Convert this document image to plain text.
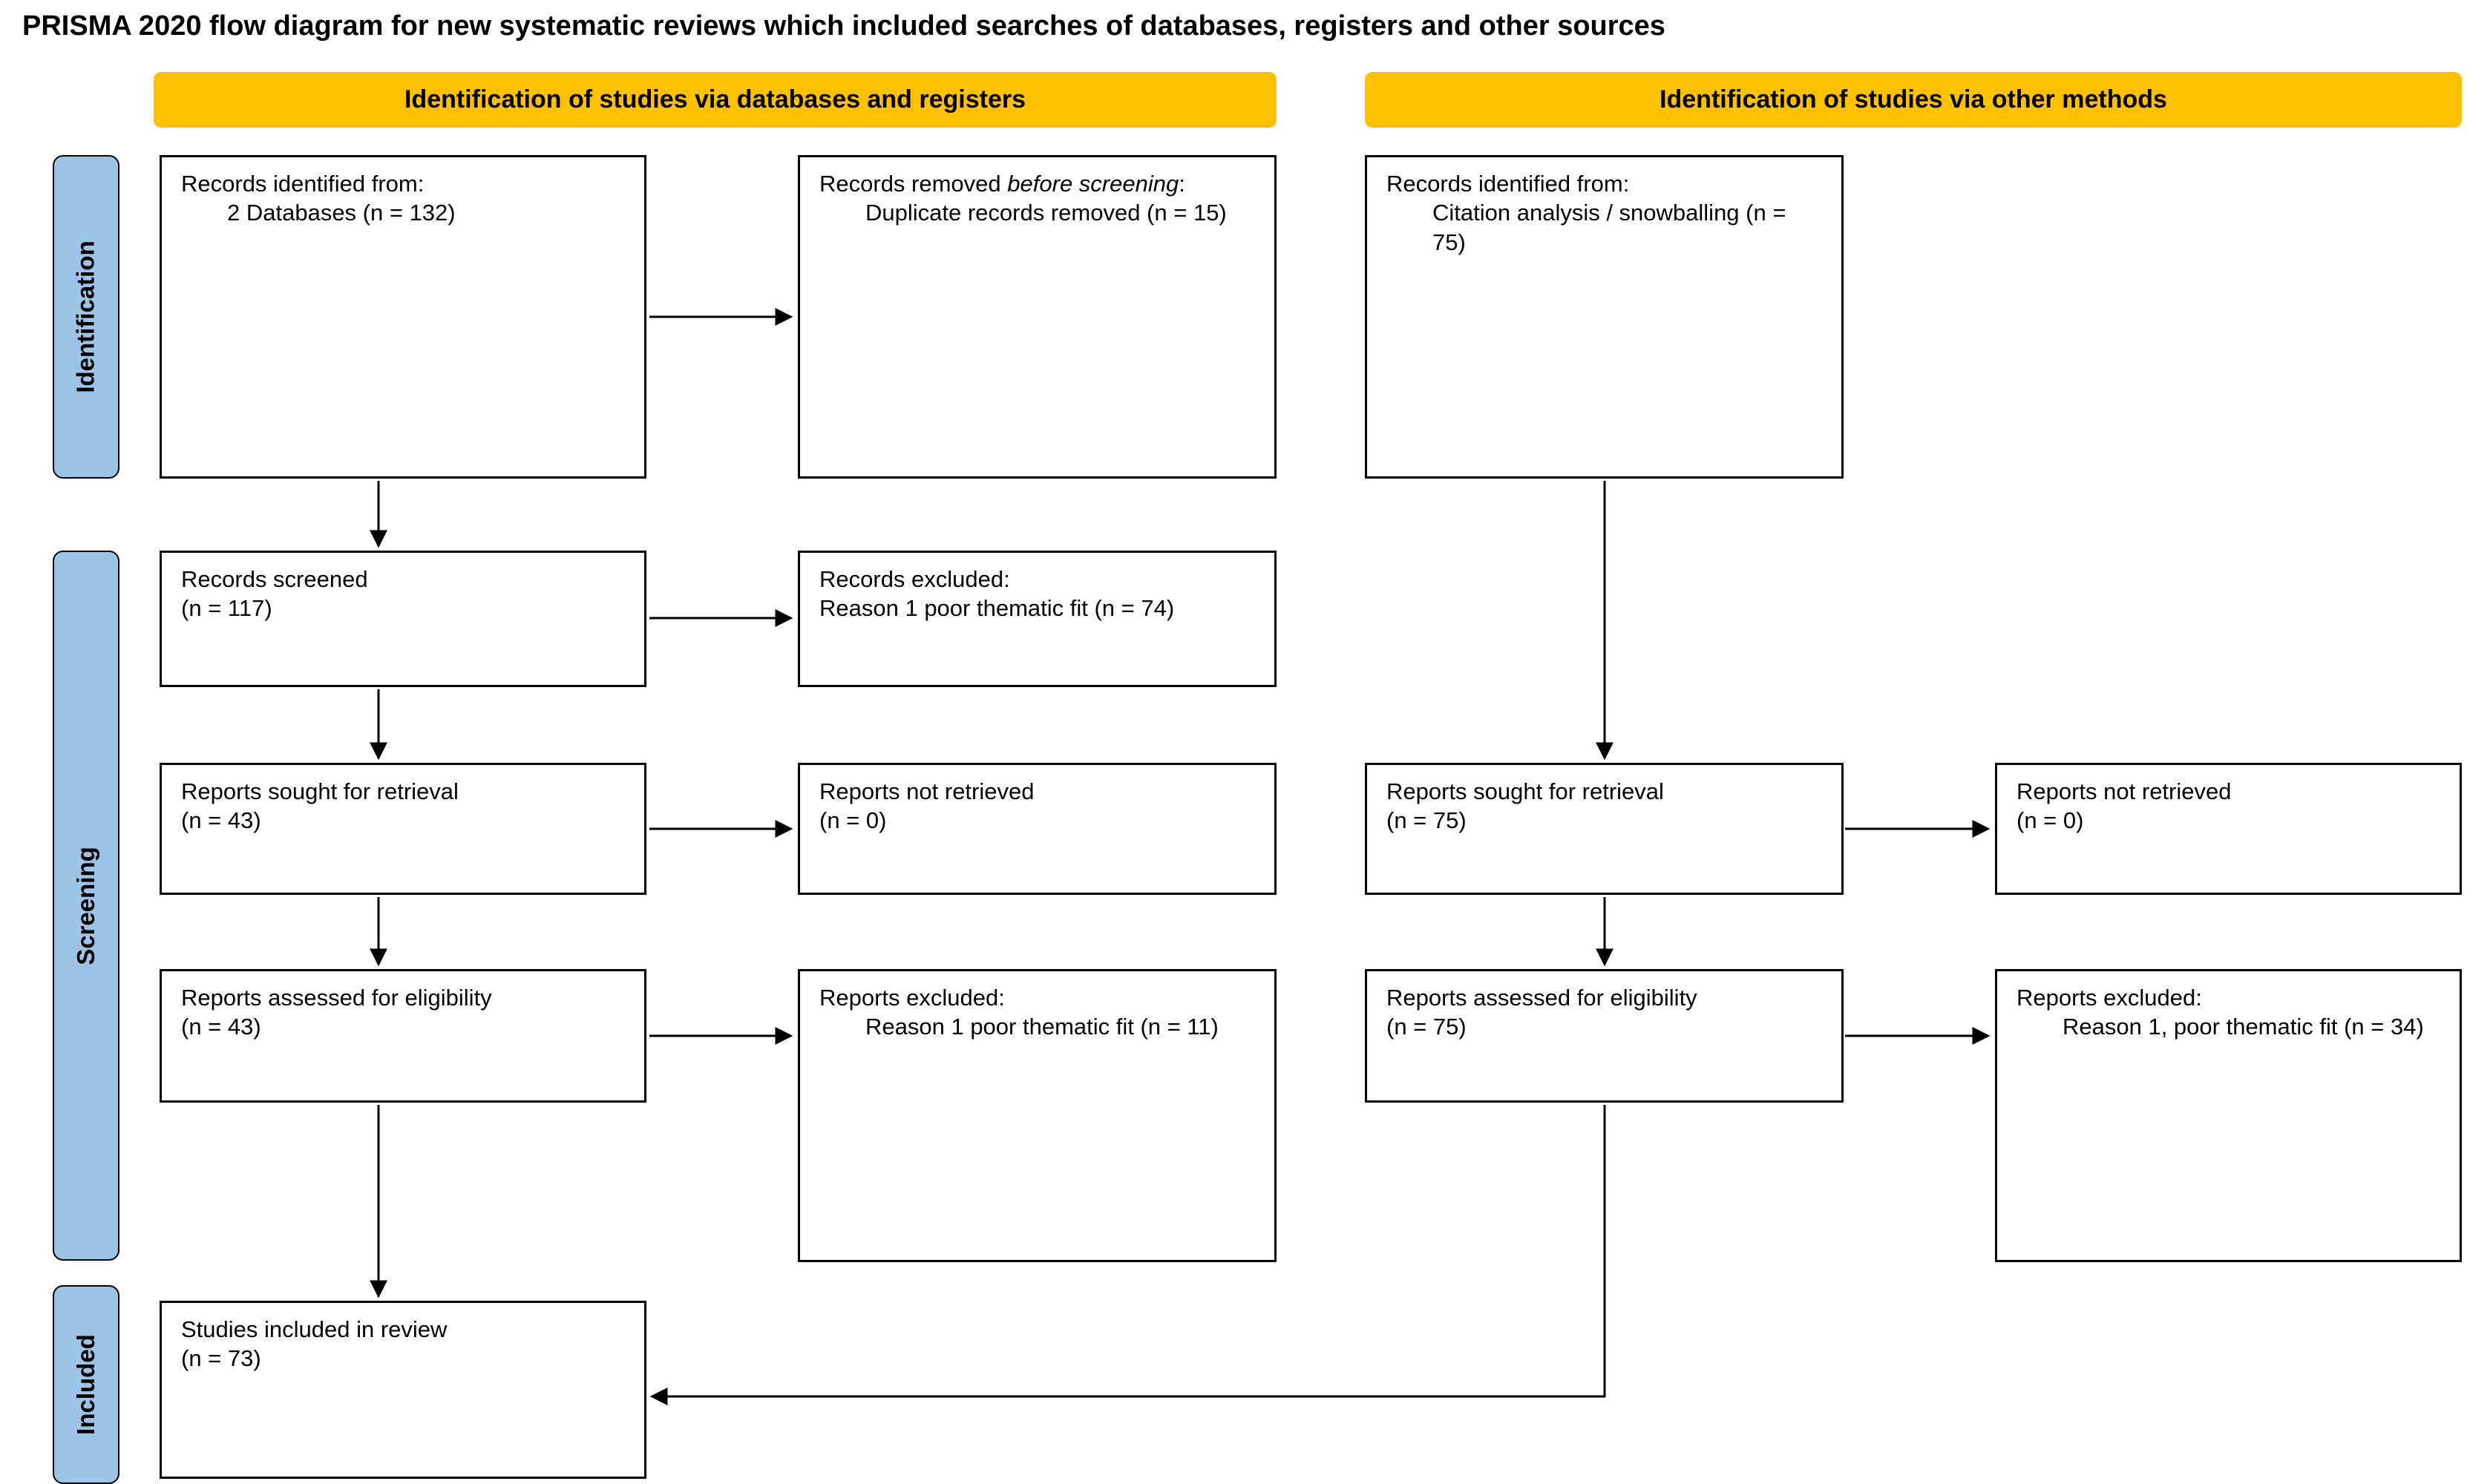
PRISMA 2020 flow diagram for new systematic reviews which included searches of databases, registers and other sources
Identification of studies via databases and registers	Identification of studies via other methods
Identification
Screening
Included
Records identified from:
2 Databases (n = 132)
Records removed before screening:
Duplicate records removed (n = 15)
Records identified from:
Citation analysis / snowballing (n = 75)
Records screened
(n = 117)
Records excluded:
Reason 1 poor thematic fit (n = 74)
Reports sought for retrieval
(n = 43)
Reports not retrieved
(n = 0)
Reports sought for retrieval
(n = 75)
Reports not retrieved
(n = 0)
Reports assessed for eligibility
(n = 43)
Reports excluded:
Reason 1 poor thematic fit (n = 11)
Reports assessed for eligibility
(n = 75)
Reports excluded:
Reason 1, poor thematic fit (n = 34)
Studies included in review
(n = 73)
